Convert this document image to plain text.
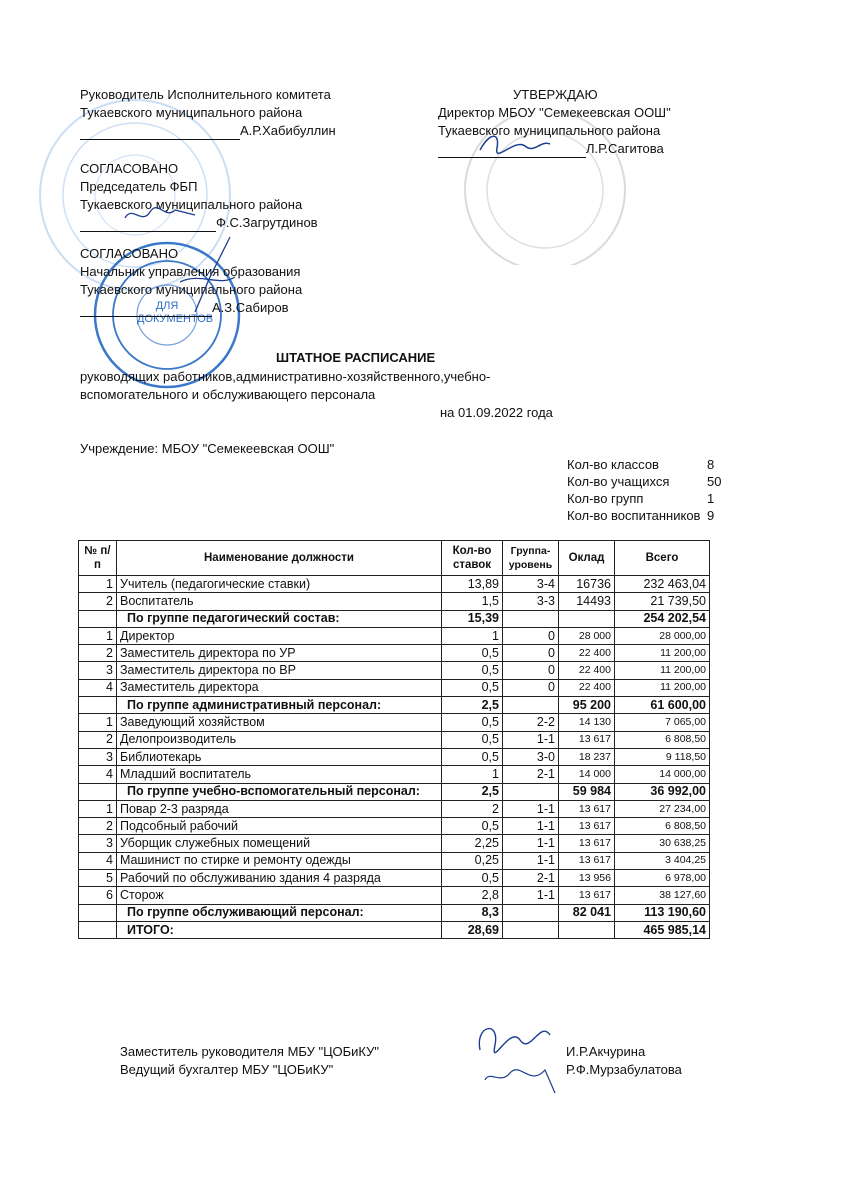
ДЛЯ ДОКУМЕНТОВ
Руководитель Исполнительного комитета
Тукаевского муниципального района
А.Р.Хабибуллин
УТВЕРЖДАЮ
Директор МБОУ "Семекеевская ООШ"
Тукаевского муниципального района
Л.Р.Сагитова
СОГЛАСОВАНО
Председатель ФБП
Тукаевского муниципального района
Ф.С.Загрутдинов
СОГЛАСОВАНО
Начальник управления образования
Тукаевского муниципального района
А.З.Сабиров
ШТАТНОЕ РАСПИСАНИЕ
руководящих работников,административно-хозяйственного,учебно-
вспомогательного и обслуживающего персонала
на 01.09.2022 года
Учреждение: МБОУ "Семекеевская ООШ"
Кол-во классов	8
Кол-во учащихся	50
Кол-во групп	1
Кол-во воспитанников 9
№ п/п	Наименование должности	Кол-во ставок	Группа-уровень	Оклад	Всего
1	Учитель (педагогические ставки)	13,89	3-4	16736	232 463,04
2	Воспитатель	1,5	3-3	14493	21 739,50
	По группе педагогический состав:	15,39			254 202,54
1	Директор	1	0	28 000	28 000,00
2	Заместитель директора по УР	0,5	0	22 400	11 200,00
3	Заместитель директора по ВР	0,5	0	22 400	11 200,00
4	Заместитель директора	0,5	0	22 400	11 200,00
	По группе административный персонал:	2,5		95 200	61 600,00
1	Заведующий хозяйством	0,5	2-2	14 130	7 065,00
2	Делопроизводитель	0,5	1-1	13 617	6 808,50
3	Библиотекарь	0,5	3-0	18 237	9 118,50
4	Младший воспитатель	1	2-1	14 000	14 000,00
	По группе учебно-вспомогательный персонал:	2,5		59 984	36 992,00
1	Повар 2-3 разряда	2	1-1	13 617	27 234,00
2	Подсобный рабочий	0,5	1-1	13 617	6 808,50
3	Уборщик служебных помещений	2,25	1-1	13 617	30 638,25
4	Машинист по стирке и ремонту одежды	0,25	1-1	13 617	3 404,25
5	Рабочий по обслуживанию здания 4 разряда	0,5	2-1	13 956	6 978,00
6	Сторож	2,8	1-1	13 617	38 127,60
	По группе обслуживающий персонал:	8,3		82 041	113 190,60
	ИТОГО:	28,69			465 985,14
Заместитель руководителя МБУ "ЦОБиКУ"	И.Р.Акчурина
Ведущий бухгалтер МБУ "ЦОБиКУ"	Р.Ф.Мурзабулатова
